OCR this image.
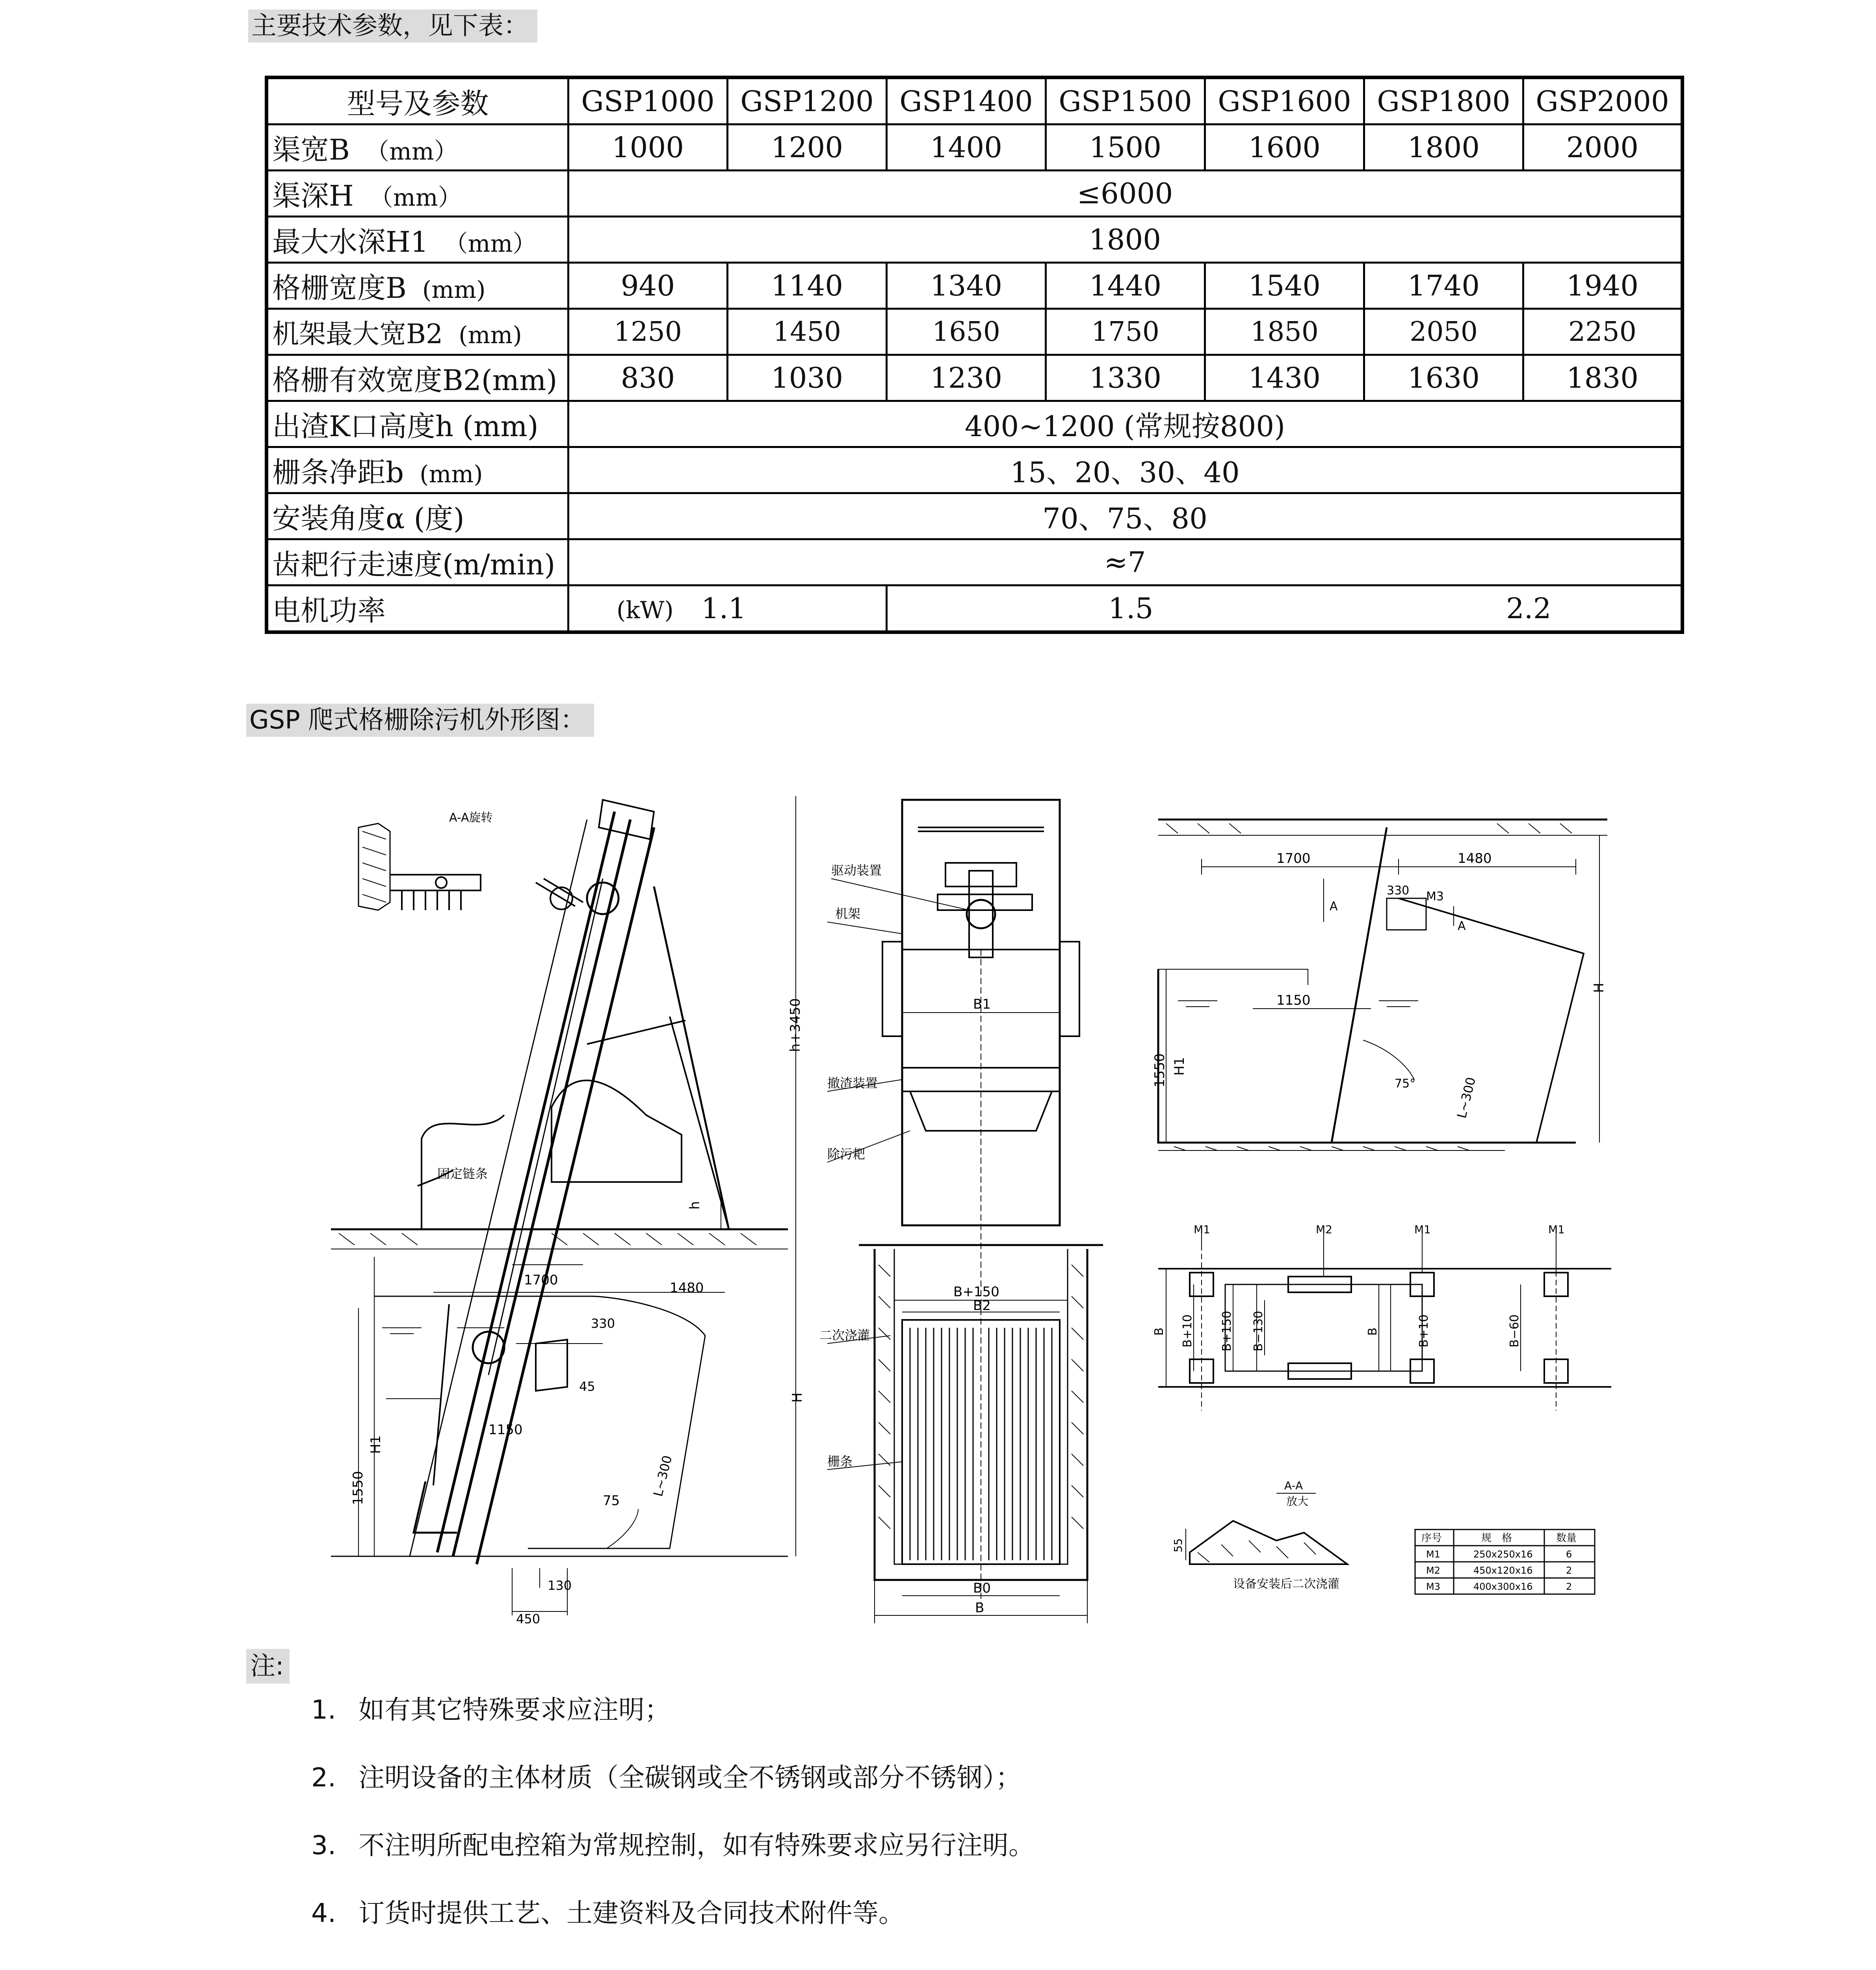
主要技术参数，见下表：
型号及参数	GSP1000	GSP1200	GSP1400	GSP1500	GSP1600	GSP1800	GSP2000
渠宽B （mm）	1000	1200	1400	1500	1600	1800	2000
渠深H （mm）	≤6000						
最大水深H1 （mm）	1800						
格栅宽度B (mm)	940	1140	1340	1440	1540	1740	1940
机架最大宽B2 (mm)	1250	1450	1650	1750	1850	2050	2250
格栅有效宽度B2(mm)	830	1030	1230	1330	1430	1630	1830
出渣K口高度h (mm)	400~1200 (常规按800)						
栅条净距b (mm)	15、20、30、40						
安装角度α (度)	70、75、80						
齿耙行走速度(m/min)	≈7						
电机功率	(kW) 1.1		1.5 2.2				
GSP 爬式格栅除污机外形图：
A-A旋转
固定链条
h+3450
h
H
1700	1480
330
45
1150
1550
H1
75
L~300
130
450
驱动装置
机架
撤渣装置
除污耙
二次浇灌
栅条
B1
B+150
B2
B0
B
1700	1480
330 M3
A
A
1150
1550 H1
H
75°	L~300
M1	M2	M1	M1
B B+10 B+150 B−130	B	B+10	B−60
A-A
放大
55
设备安装后二次浇灌
序号	规　格	数量
M1	250x250x16	6
M2	450x120x16	2
M3	400x300x16	2
注:
1. 如有其它特殊要求应注明；
2. 注明设备的主体材质（全碳钢或全不锈钢或部分不锈钢）；
3. 不注明所配电控箱为常规控制，如有特殊要求应另行注明。
4. 订货时提供工艺、土建资料及合同技术附件等。
